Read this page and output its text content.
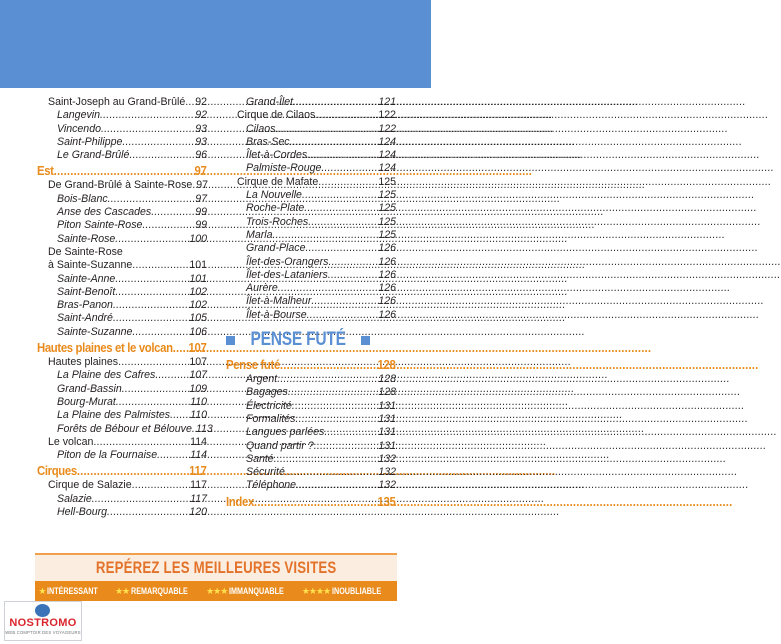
Saint-Joseph au Grand-Brûlé ..... 92
Langevin .....	92
Vincendo .....	93
Saint-Philippe .....	93
Le Grand-Brûlé .....	96
Est .....	97
De Grand-Brûlé à Sainte-Rose ..... 97
Bois-Blanc .....	97
Anse des Cascades .....	99
Piton Sainte-Rose .....	99
Sainte-Rose .....	100
De Sainte-Rose
à Sainte-Suzanne .....	101
Sainte-Anne .....	101
Saint-Benoît .....	102
Bras-Panon .....	102
Saint-André .....	105
Sainte-Suzanne .....	106
Hautes plaines et le volcan ..... 107
Hautes plaines .....	107
La Plaine des Cafres .....	107
Grand-Bassin .....	109
Bourg-Murat .....	110
La Plaine des Palmistes ..... 110
Forêts de Bébour et Bélouve ..... 113
Le volcan .....	114
Piton de la Fournaise .....	114
Cirques .....	117
Cirque de Salazie .....	117
Salazie .....	117
Hell-Bourg .....	120
Grand-Îlet .....	121
Cirque de Cilaos .....	122
Cilaos .....	122
Bras-Sec .....	124
Îlet-à-Cordes .....	124
Palmiste-Rouge .....	124
Cirque de Mafate .....	125
La Nouvelle .....	125
Roche-Plate .....	125
Trois-Roches .....	125
Marla .....	125
Grand-Place .....	126
Îlet-des-Orangers .....	126
Îlet-des-Lataniers .....	126
Aurère .....	126
Îlet-à-Malheur .....	126
Îlet-à-Bourse .....	126
PENSE FUTÉ
Pense futé .....	128
Argent .....	128
Bagages .....	128
Électricité .....	131
Formalités .....	131
Langues parlées .....	131
Quand partir ? .....	131
Santé .....	132
Sécurité .....	132
Téléphone .....	132
Index .....	135
REPÉREZ LES MEILLEURES VISITES
★ INTÉRESSANT ★★ REMARQUABLE ★★★ IMMANQUABLE ★★★★ INOUBLIABLE
NOSTROMO
WEB COMPTOIR DES VOYAGEURS
